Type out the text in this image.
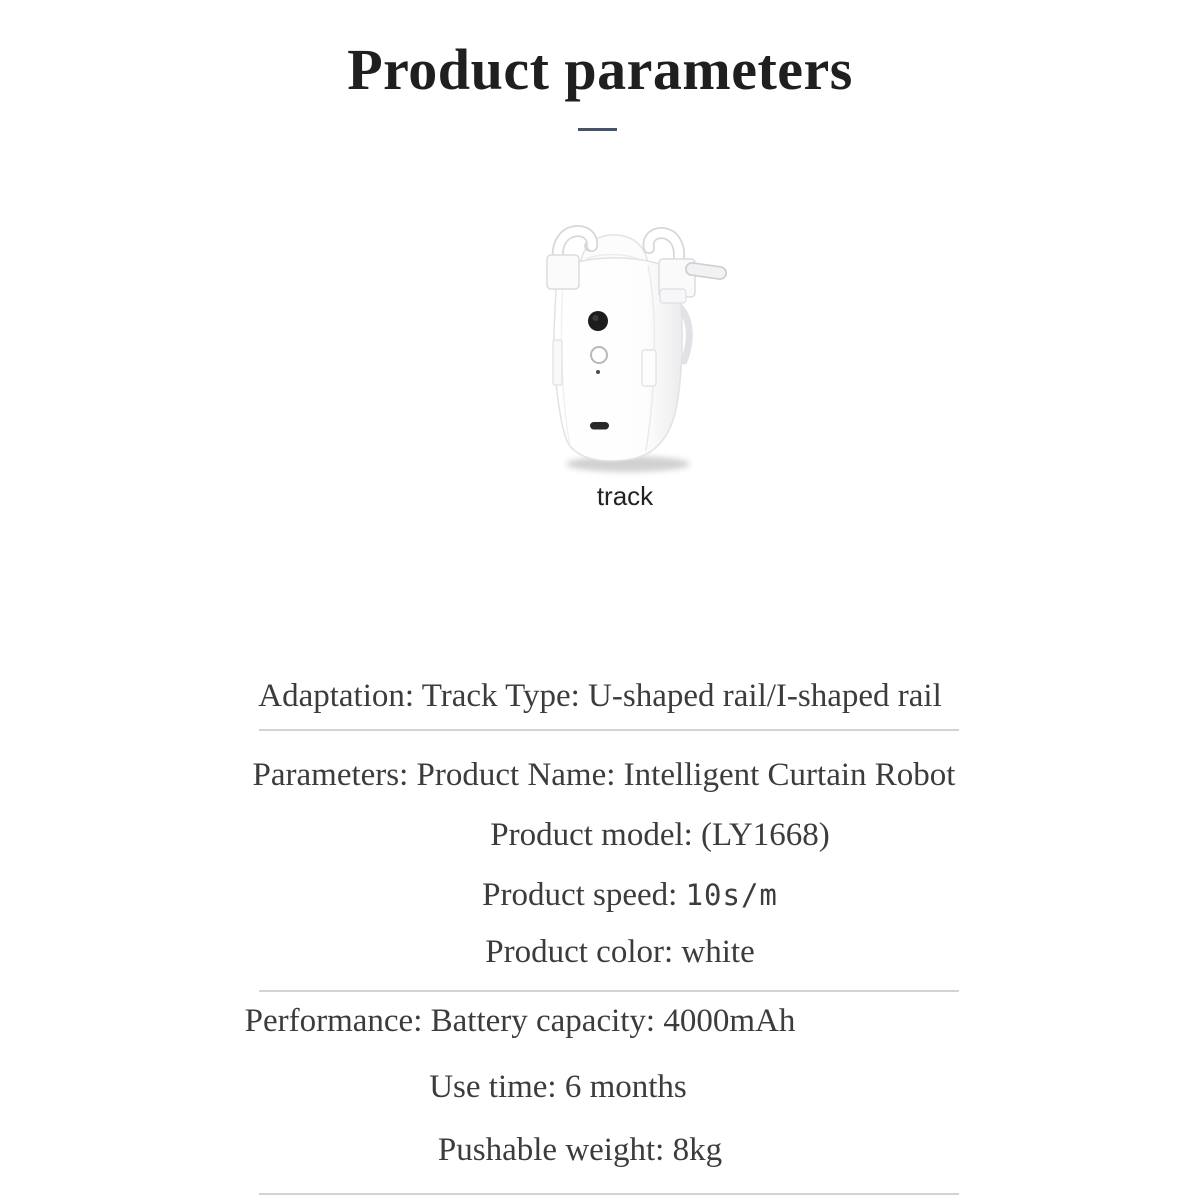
Product parameters
track

Adaptation: Track Type: U-shaped rail/I-shaped rail

Parameters: Product Name: Intelligent Curtain Robot

Product model: (LY1668)

Product speed: 10s/m

Product color: white

Performance: Battery capacity: 4000mAh

Use time: 6 months

Pushable weight: 8kg
